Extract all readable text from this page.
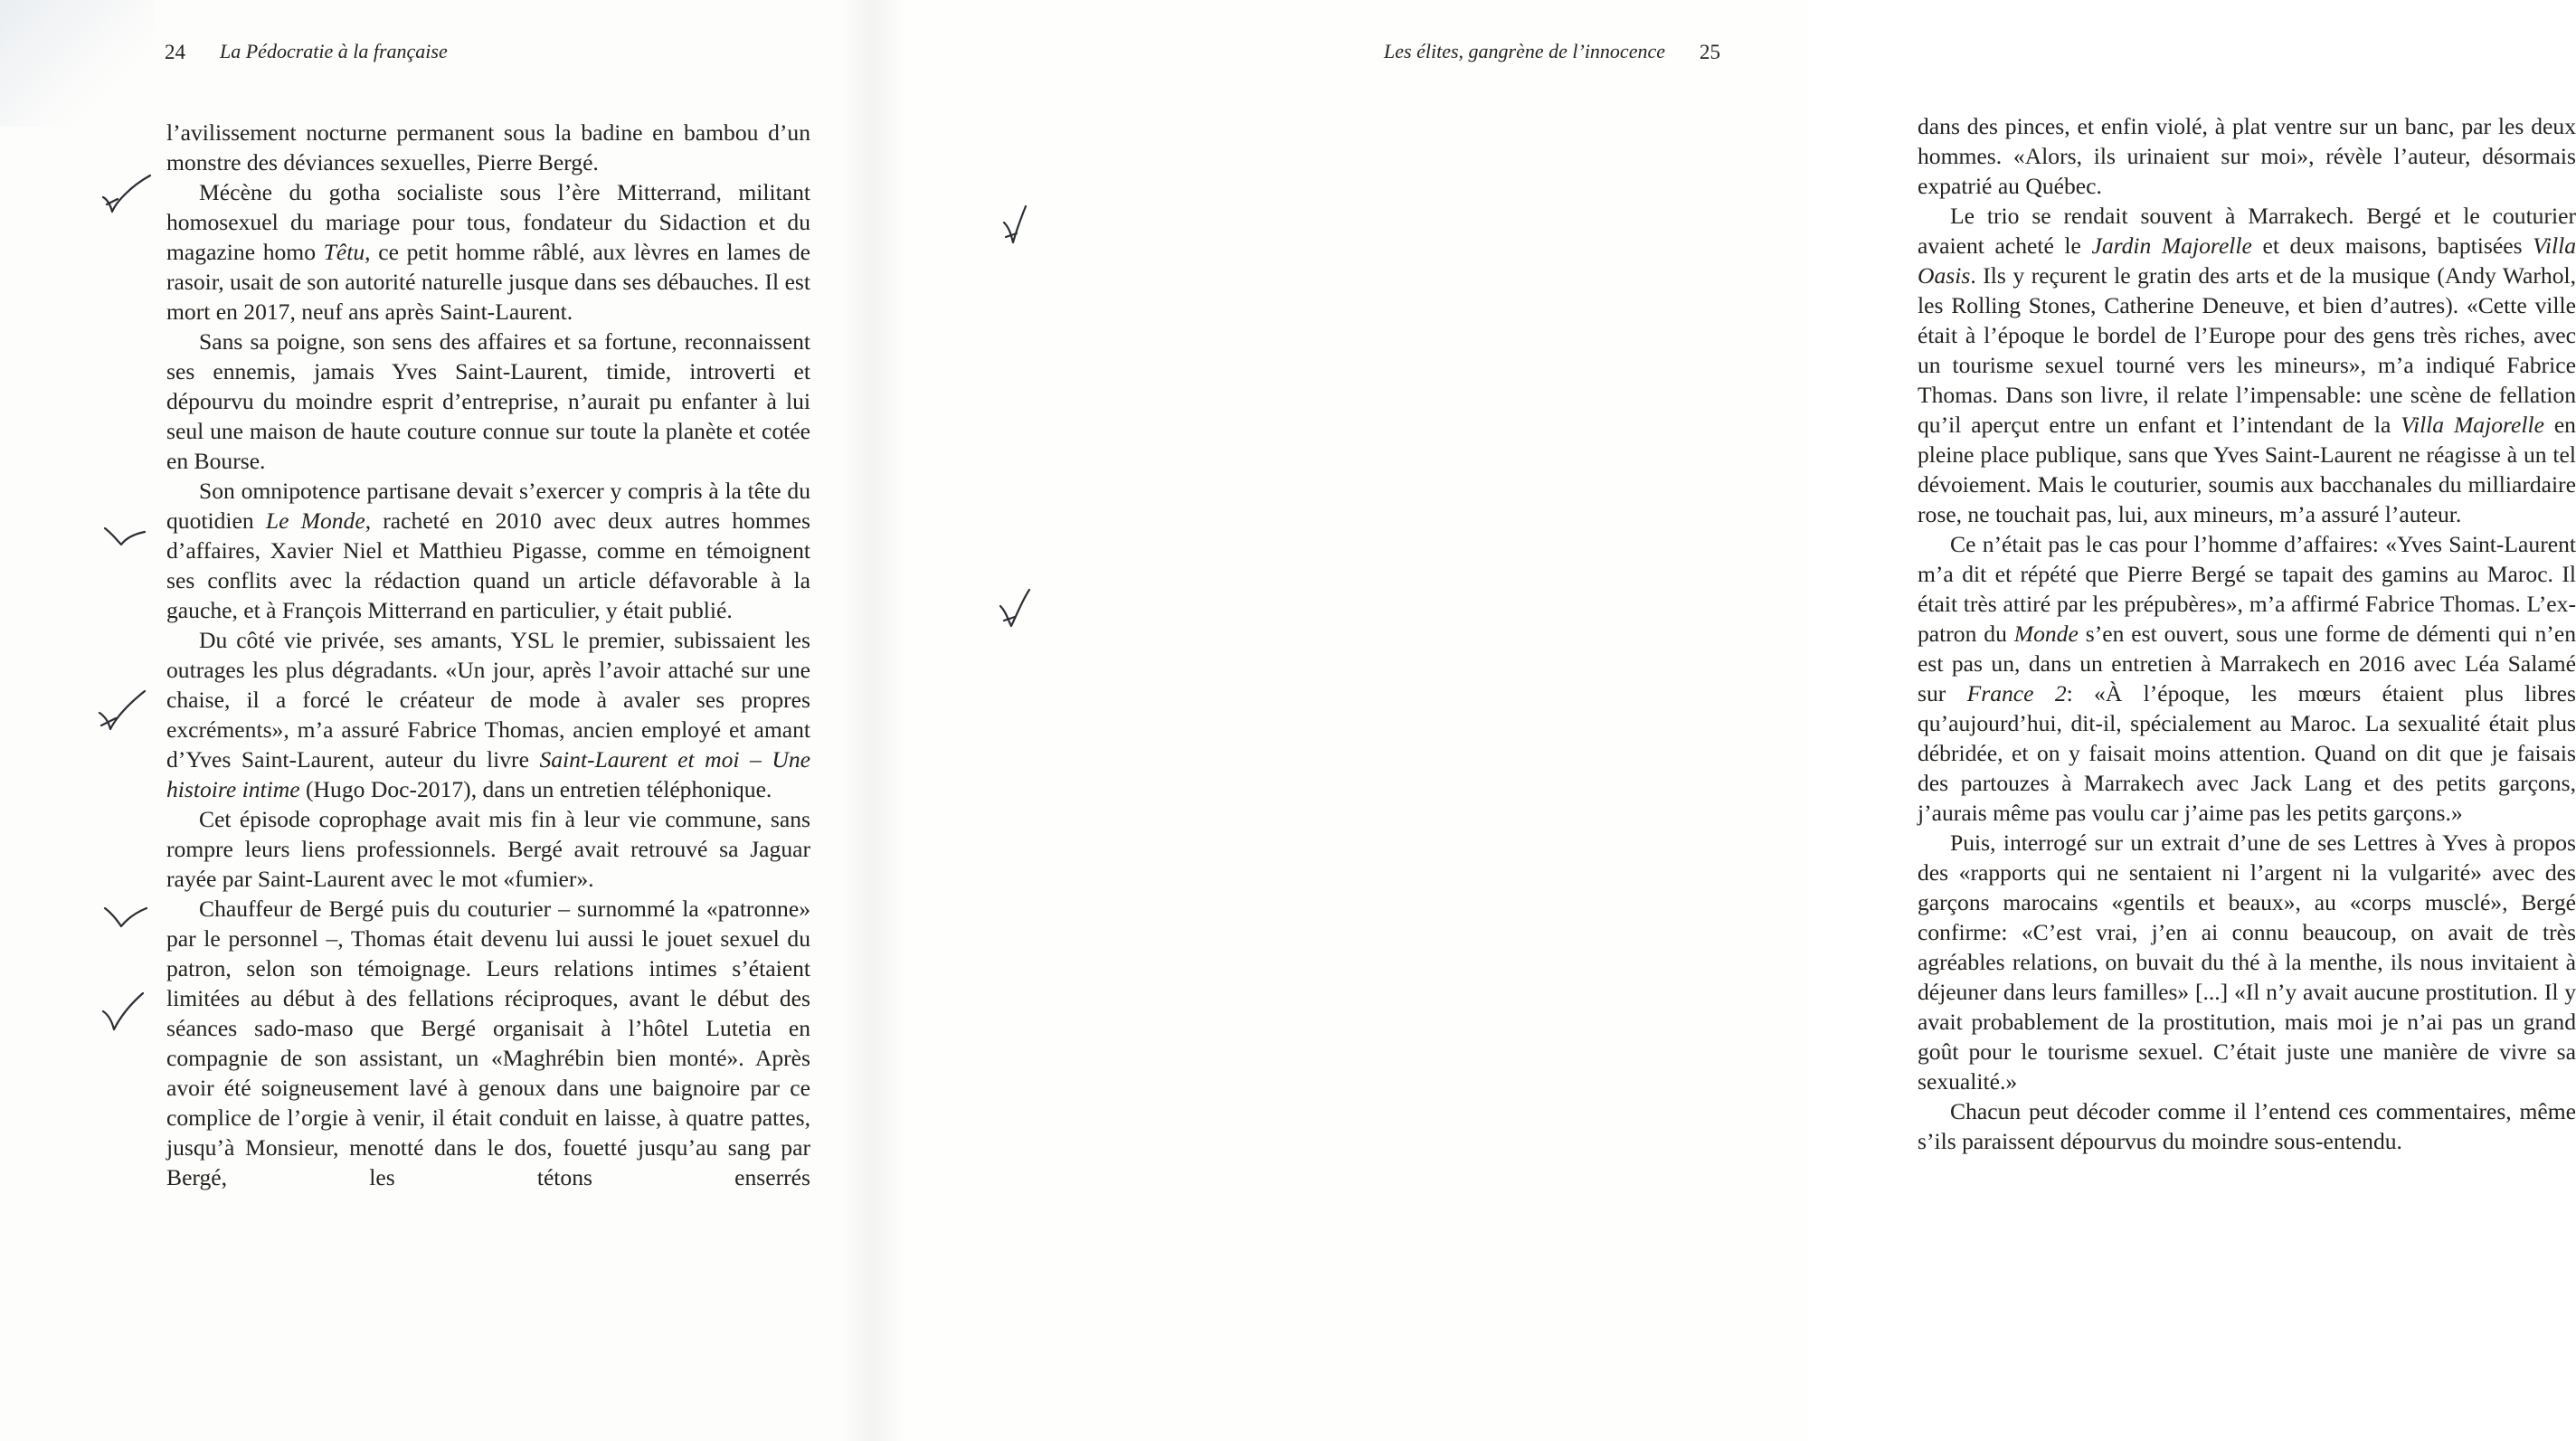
24 La Pédocratie à la française

l’avilissement nocturne permanent sous la badine en bambou d’un monstre des déviances sexuelles, Pierre Bergé.

Mécène du gotha socialiste sous l’ère Mitterrand, militant homosexuel du mariage pour tous, fondateur du Sidaction et du magazine homo Têtu, ce petit homme râblé, aux lèvres en lames de rasoir, usait de son autorité naturelle jusque dans ses débauches. Il est mort en 2017, neuf ans après Saint-Laurent.

Sans sa poigne, son sens des affaires et sa fortune, reconnaissent ses ennemis, jamais Yves Saint-Laurent, timide, introverti et dépourvu du moindre esprit d’entreprise, n’aurait pu enfanter à lui seul une maison de haute couture connue sur toute la planète et cotée en Bourse.

Son omnipotence partisane devait s’exercer y compris à la tête du quotidien Le Monde, racheté en 2010 avec deux autres hommes d’affaires, Xavier Niel et Matthieu Pigasse, comme en témoignent ses conflits avec la rédaction quand un article défavorable à la gauche, et à François Mitterrand en particulier, y était publié.

Du côté vie privée, ses amants, YSL le premier, subissaient les outrages les plus dégradants. «Un jour, après l’avoir attaché sur une chaise, il a forcé le créateur de mode à avaler ses propres excréments», m’a assuré Fabrice Thomas, ancien employé et amant d’Yves Saint-Laurent, auteur du livre Saint-Laurent et moi – Une histoire intime (Hugo Doc-2017), dans un entretien téléphonique.

Cet épisode coprophage avait mis fin à leur vie commune, sans rompre leurs liens professionnels. Bergé avait retrouvé sa Jaguar rayée par Saint-Laurent avec le mot «fumier».

Chauffeur de Bergé puis du couturier – surnommé la «patronne» par le personnel –, Thomas était devenu lui aussi le jouet sexuel du patron, selon son témoignage. Leurs relations intimes s’étaient limitées au début à des fellations réciproques, avant le début des séances sado-maso que Bergé organisait à l’hôtel Lutetia en compagnie de son assistant, un «Maghrébin bien monté». Après avoir été soigneusement lavé à genoux dans une baignoire par ce complice de l’orgie à venir, il était conduit en laisse, à quatre pattes, jusqu’à Monsieur, menotté dans le dos, fouetté jusqu’au sang par Bergé, les tétons enserrés

Les élites, gangrène de l’innocence 25

dans des pinces, et enfin violé, à plat ventre sur un banc, par les deux hommes. «Alors, ils urinaient sur moi», révèle l’auteur, désormais expatrié au Québec.

Le trio se rendait souvent à Marrakech. Bergé et le couturier avaient acheté le Jardin Majorelle et deux maisons, baptisées Villa Oasis. Ils y reçurent le gratin des arts et de la musique (Andy Warhol, les Rolling Stones, Catherine Deneuve, et bien d’autres). «Cette ville était à l’époque le bordel de l’Europe pour des gens très riches, avec un tourisme sexuel tourné vers les mineurs», m’a indiqué Fabrice Thomas. Dans son livre, il relate l’impensable: une scène de fellation qu’il aperçut entre un enfant et l’intendant de la Villa Majorelle en pleine place publique, sans que Yves Saint-Laurent ne réagisse à un tel dévoiement. Mais le couturier, soumis aux bacchanales du milliardaire rose, ne touchait pas, lui, aux mineurs, m’a assuré l’auteur.

Ce n’était pas le cas pour l’homme d’affaires: «Yves Saint-Laurent m’a dit et répété que Pierre Bergé se tapait des gamins au Maroc. Il était très attiré par les prépubères», m’a affirmé Fabrice Thomas. L’ex-patron du Monde s’en est ouvert, sous une forme de démenti qui n’en est pas un, dans un entretien à Marrakech en 2016 avec Léa Salamé sur France 2: «À l’époque, les mœurs étaient plus libres qu’aujourd’hui, dit-il, spécialement au Maroc. La sexualité était plus débridée, et on y faisait moins attention. Quand on dit que je faisais des partouzes à Marrakech avec Jack Lang et des petits garçons, j’aurais même pas voulu car j’aime pas les petits garçons.»

Puis, interrogé sur un extrait d’une de ses Lettres à Yves à propos des «rapports qui ne sentaient ni l’argent ni la vulgarité» avec des garçons marocains «gentils et beaux», au «corps musclé», Bergé confirme: «C’est vrai, j’en ai connu beaucoup, on avait de très agréables relations, on buvait du thé à la menthe, ils nous invitaient à déjeuner dans leurs familles» [...] «Il n’y avait aucune prostitution. Il y avait probablement de la prostitution, mais moi je n’ai pas un grand goût pour le tourisme sexuel. C’était juste une manière de vivre sa sexualité.»

Chacun peut décoder comme il l’entend ces commentaires, même s’ils paraissent dépourvus du moindre sous-entendu.
